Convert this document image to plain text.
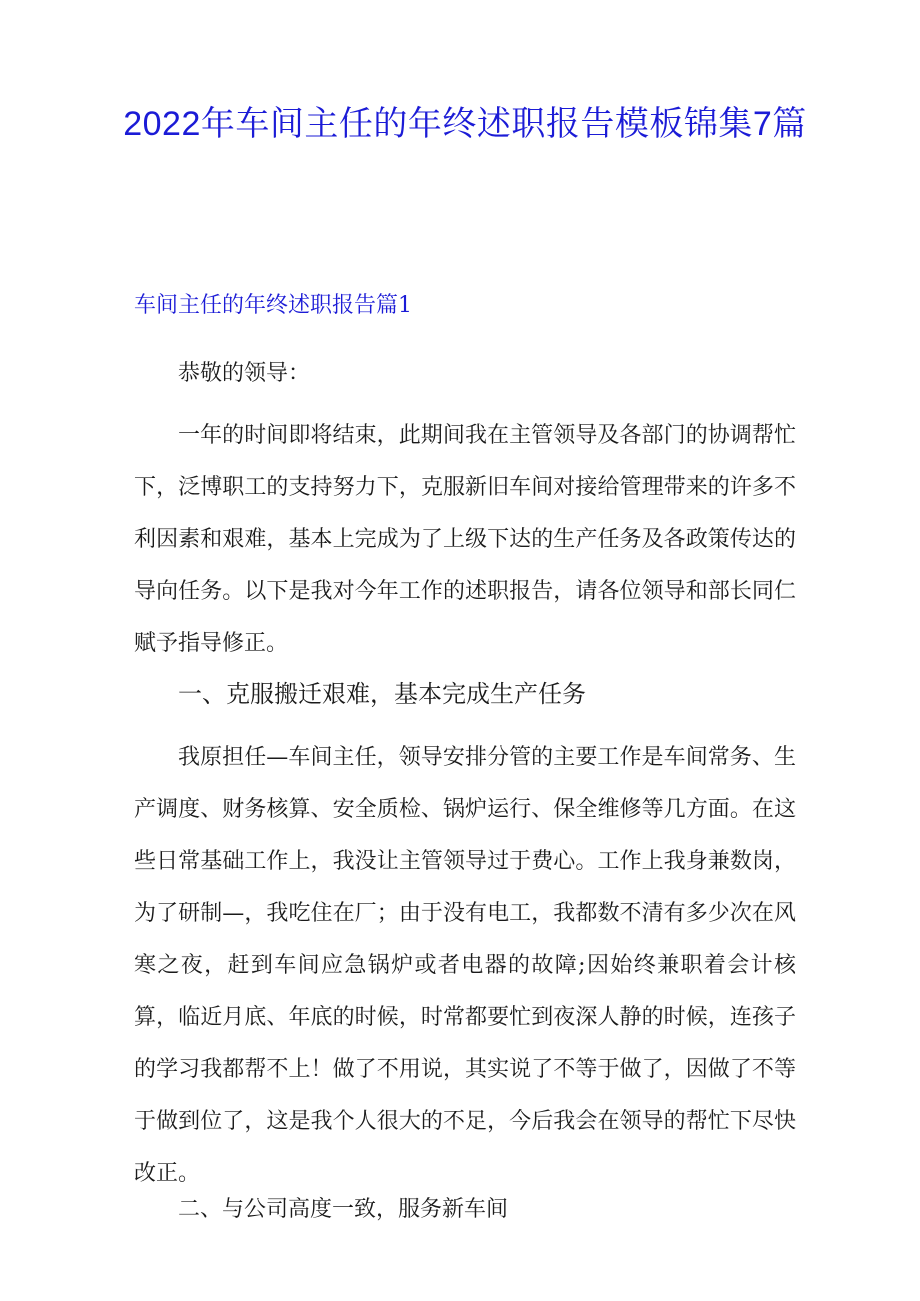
2022年车间主任的年终述职报告模板锦集7篇
车间主任的年终述职报告篇1

恭敬的领导：

一年的时间即将结束，此期间我在主管领导及各部门的协调帮忙下，泛博职工的支持努力下，克服新旧车间对接给管理带来的许多不利因素和艰难，基本上完成为了上级下达的生产任务及各政策传达的导向任务。以下是我对今年工作的述职报告，请各位领导和部长同仁赋予指导修正。

一、克服搬迁艰难，基本完成生产任务

我原担任—车间主任，领导安排分管的主要工作是车间常务、生产调度、财务核算、安全质检、锅炉运行、保全维修等几方面。在这些日常基础工作上，我没让主管领导过于费心。工作上我身兼数岗，为了研制—，我吃住在厂；由于没有电工，我都数不清有多少次在风寒之夜，赶到车间应急锅炉或者电器的故障;因始终兼职着会计核算，临近月底、年底的时候，时常都要忙到夜深人静的时候，连孩子的学习我都帮不上！做了不用说，其实说了不等于做了，因做了不等于做到位了，这是我个人很大的不足，今后我会在领导的帮忙下尽快改正。

二、与公司高度一致，服务新车间
